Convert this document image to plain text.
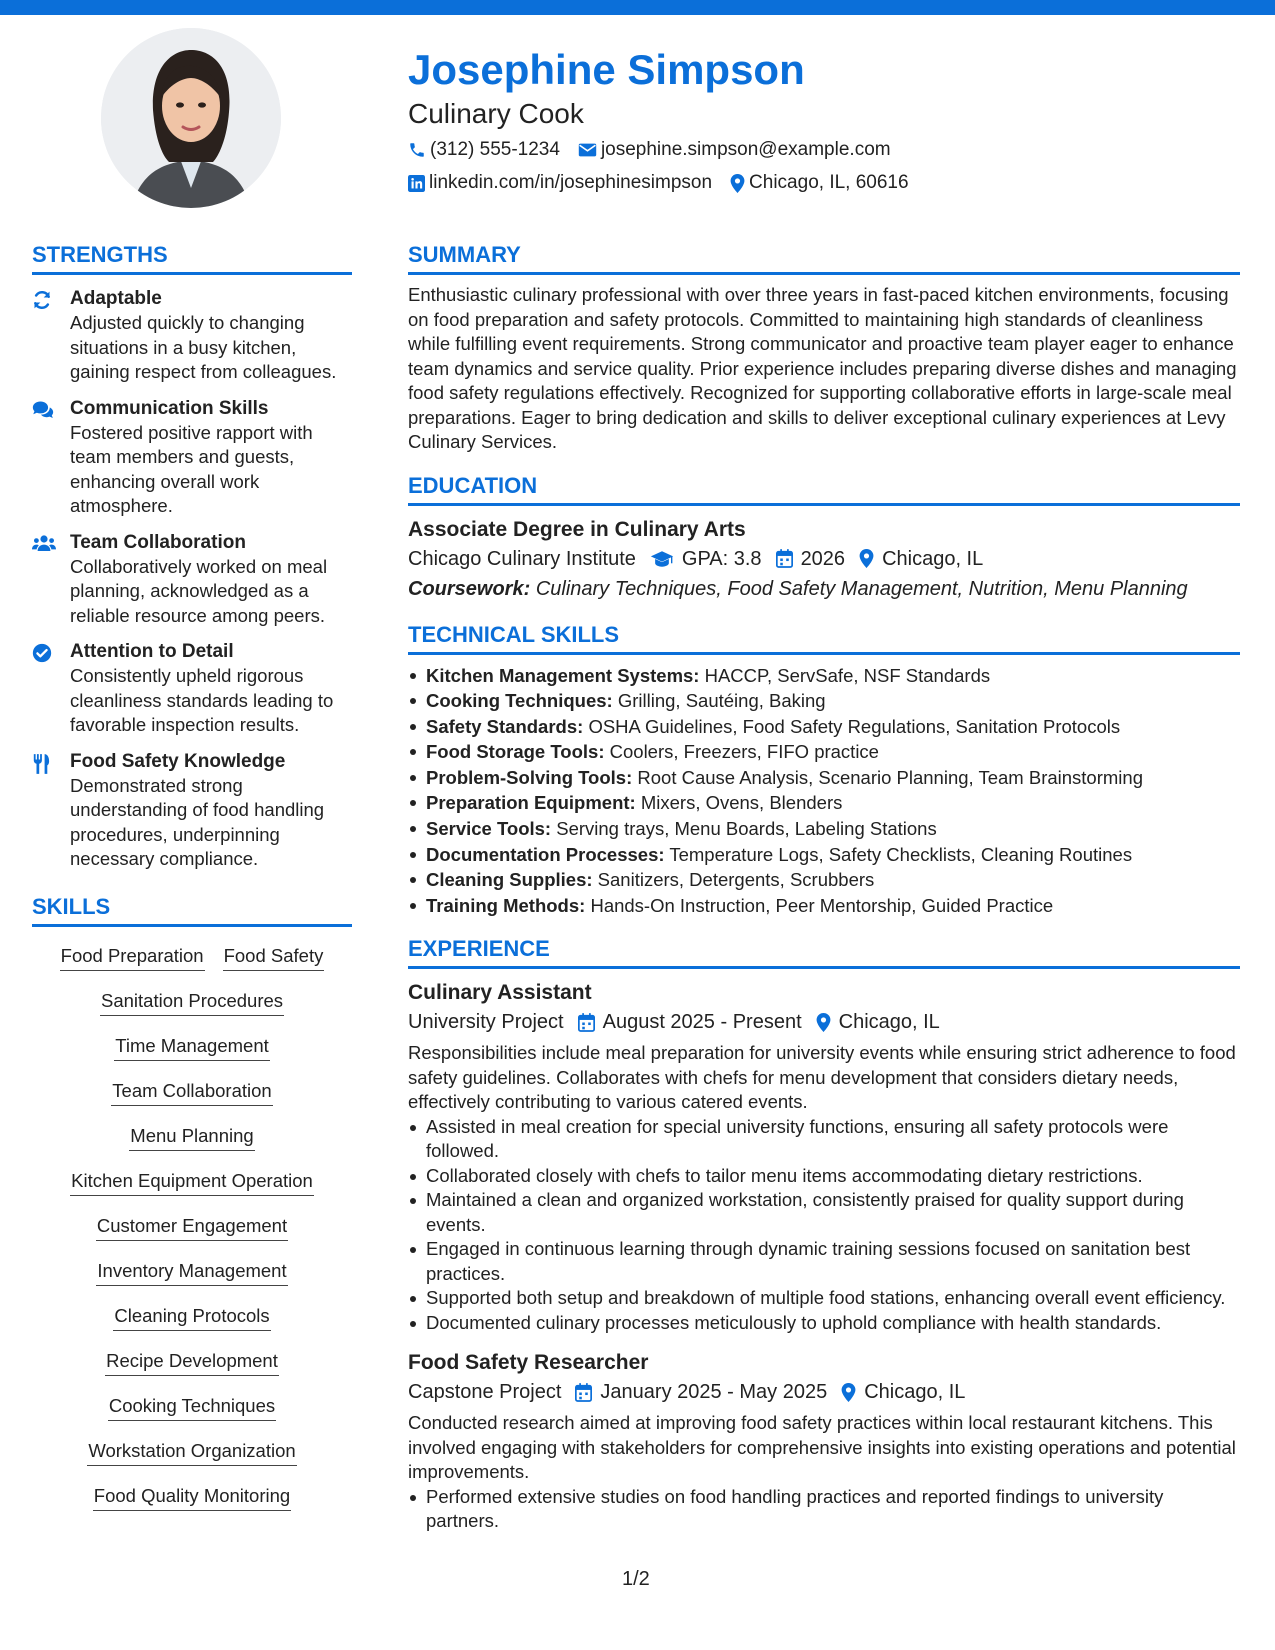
Josephine Simpson
Culinary Cook
(312) 555-1234 josephine.simpson@example.com
linkedin.com/in/josephinesimpson Chicago, IL, 60616
STRENGTHS
Adaptable
Adjusted quickly to changing situations in a busy kitchen, gaining respect from colleagues.
Communication Skills
Fostered positive rapport with team members and guests, enhancing overall work atmosphere.
Team Collaboration
Collaboratively worked on meal planning, acknowledged as a reliable resource among peers.
Attention to Detail
Consistently upheld rigorous cleanliness standards leading to favorable inspection results.
Food Safety Knowledge
Demonstrated strong understanding of food handling procedures, underpinning necessary compliance.
SKILLS
Food Preparation Food Safety
Sanitation Procedures
Time Management
Team Collaboration
Menu Planning
Kitchen Equipment Operation
Customer Engagement
Inventory Management
Cleaning Protocols
Recipe Development
Cooking Techniques
Workstation Organization
Food Quality Monitoring
SUMMARY
Enthusiastic culinary professional with over three years in fast-paced kitchen environments, focusing on food preparation and safety protocols. Committed to maintaining high standards of cleanliness while fulfilling event requirements. Strong communicator and proactive team player eager to enhance team dynamics and service quality. Prior experience includes preparing diverse dishes and managing food safety regulations effectively. Recognized for supporting collaborative efforts in large-scale meal preparations. Eager to bring dedication and skills to deliver exceptional culinary experiences at Levy Culinary Services.
EDUCATION
Associate Degree in Culinary Arts
Chicago Culinary Institute GPA: 3.8 2026 Chicago, IL
Coursework: Culinary Techniques, Food Safety Management, Nutrition, Menu Planning
TECHNICAL SKILLS
Kitchen Management Systems: HACCP, ServSafe, NSF Standards
Cooking Techniques: Grilling, Sautéing, Baking
Safety Standards: OSHA Guidelines, Food Safety Regulations, Sanitation Protocols
Food Storage Tools: Coolers, Freezers, FIFO practice
Problem-Solving Tools: Root Cause Analysis, Scenario Planning, Team Brainstorming
Preparation Equipment: Mixers, Ovens, Blenders
Service Tools: Serving trays, Menu Boards, Labeling Stations
Documentation Processes: Temperature Logs, Safety Checklists, Cleaning Routines
Cleaning Supplies: Sanitizers, Detergents, Scrubbers
Training Methods: Hands-On Instruction, Peer Mentorship, Guided Practice
EXPERIENCE
Culinary Assistant
University Project August 2025 - Present Chicago, IL
Responsibilities include meal preparation for university events while ensuring strict adherence to food safety guidelines. Collaborates with chefs for menu development that considers dietary needs, effectively contributing to various catered events.
Assisted in meal creation for special university functions, ensuring all safety protocols were followed.
Collaborated closely with chefs to tailor menu items accommodating dietary restrictions.
Maintained a clean and organized workstation, consistently praised for quality support during events.
Engaged in continuous learning through dynamic training sessions focused on sanitation best practices.
Supported both setup and breakdown of multiple food stations, enhancing overall event efficiency.
Documented culinary processes meticulously to uphold compliance with health standards.
Food Safety Researcher
Capstone Project January 2025 - May 2025 Chicago, IL
Conducted research aimed at improving food safety practices within local restaurant kitchens. This involved engaging with stakeholders for comprehensive insights into existing operations and potential improvements.
Performed extensive studies on food handling practices and reported findings to university partners.
1/2
